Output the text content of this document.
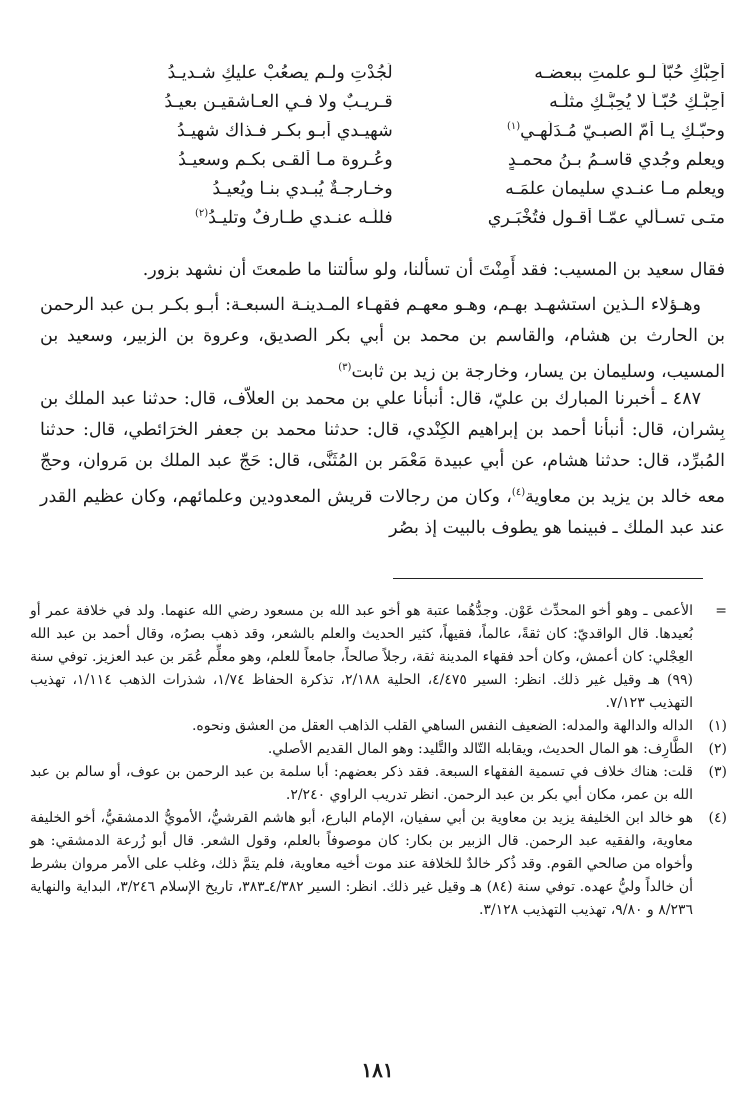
أُحِبُّكِ حُبّاً لـو علمتِ ببعضـه
لَجُدْتِ ولـم يصعُبْ عليكِ شـديـدُ
أحِبُّـكِ حُبّـاً لا يُحِبُّـكِ مثلَـه
قـريـبٌ ولا فـي العـاشقيـن بعيـدُ
وحبّـكِ يـا أمّ الصبـيّ مُـدَلِّهِـي$^{(١)}$
شهيـدي أبـو بكـر فـذاك شهيـدُ
ويعلم وجُدي قاسـمُ بـنُ محمـدٍ
وعُـروة مـا ألقـى بكـم وسعيـدُ
ويعلم مـا عنـدي سليمان علمَـه
وخـارجـةٌ يُبـدي بنـا ويُعيـدُ
متـى تسـألي عمّـا أقـول فتُخْبَـري
فللّـه عنـدي طـارِفٌ وتليـدُ$^{(٢)}$
فقال سعيد بن المسيب: فقد أَمِنْتَ أن تسألنا، ولو سألتنا ما طمعتَ أن نشهد بزور.
وهـؤلاء الـذين استشهـد بهـم، وهـو معهـم فقهـاء المـدينـة السبعـة: أبـو بكـر بـن عبد الرحمن بن الحارث بن هشام، والقاسم بن محمد بن أبي بكر الصديق، وعروة بن الزبير، وسعيد بن المسيب، وسليمان بن يسار، وخارجة بن زيد بن ثابت$^{(٣)}$
٤٨٧ ـ أخبرنا المبارك بن عليّ، قال: أنبأنا علي بن محمد بن العلاّف، قال: حدثنا عبد الملك بن بِشران، قال: أنبأنا أحمد بن إبراهيم الكِنْدي، قال: حدثنا محمد بن جعفر الخرَائطي، قال: حدثنا المُبرِّد، قال: حدثنا هشام، عن أبي عبيدة مَعْمَر بن المُثَنَّى، قال: حَجّ عبد الملك بن مَروان، وحجّ معه خالد بن يزيد بن معاوية$^{(٤)}$، وكان من رجالات قريش المعدودين وعلمائهم، وكان عظيم القدر عند عبد الملك ـ فبينما هو يطوف بالبيت إذ بصُر
=
الأعمى ـ وهو أخو المحدِّث عَوْن. وجدُّهُما عتبة هو أخو عبد الله بن مسعود رضي الله عنهما. ولد في خلافة عمر أو بُعيدها. قال الواقديّ: كان ثقةً، عالماً، فقيهاً، كثير الحديث والعلم بالشعر، وقد ذهب بصرُه، وقال أحمد بن عبد الله العِجْلي: كان أعمش، وكان أحد فقهاء المدينة ثقة، رجلاً صالحاً، جامعاً للعلم، وهو معلِّم عُمَر بن عبد العزيز. توفي سنة (٩٩) هـ وقيل غير ذلك. انظر: السير ٤/٤٧٥، الحلية ٢/١٨٨، تذكرة الحفاظ ١/٧٤، شذرات الذهب ١/١١٤، تهذيب التهذيب ٧/١٢٣.
(١)
الداله والدالهة والمدله: الضعيف النفس الساهي القلب الذاهب العقل من العشق ونحوه.
(٢)
الطَّارِف: هو المال الحديث، ويقابله التّالد والتَّليد: وهو المال القديم الأصلي.
(٣)
قلت: هناك خلاف في تسمية الفقهاء السبعة. فقد ذكر بعضهم: أبا سلمة بن عبد الرحمن بن عوف، أو سالم بن عبد الله بن عمر، مكان أبي بكر بن عبد الرحمن. انظر تدريب الراوي ٢/٢٤٠.
(٤)
هو خالد ابن الخليفة يزيد بن معاوية بن أبي سفيان، الإمام البارع، أبو هاشم القرشيُّ، الأمويُّ الدمشقيُّ، أخو الخليفة معاوية، والفقيه عبد الرحمن. قال الزبير بن بكار: كان موصوفاً بالعلم، وقول الشعر. قال أبو زُرعة الدمشقي: هو وأخواه من صالحي القوم. وقد ذُكر خالدٌ للخلافة عند موت أخيه معاوية، فلم يتمَّ ذلك، وغلب على الأمر مروان بشرط أن خالداً وليُّ عهده. توفي سنة (٨٤) هـ وقيل غير ذلك. انظر: السير ٤/٣٨٢ـ٣٨٣، تاريخ الإسلام ٣/٢٤٦، البداية والنهاية ٨/٢٣٦ و ٩/٨٠، تهذيب التهذيب ٣/١٢٨.
١٨١
